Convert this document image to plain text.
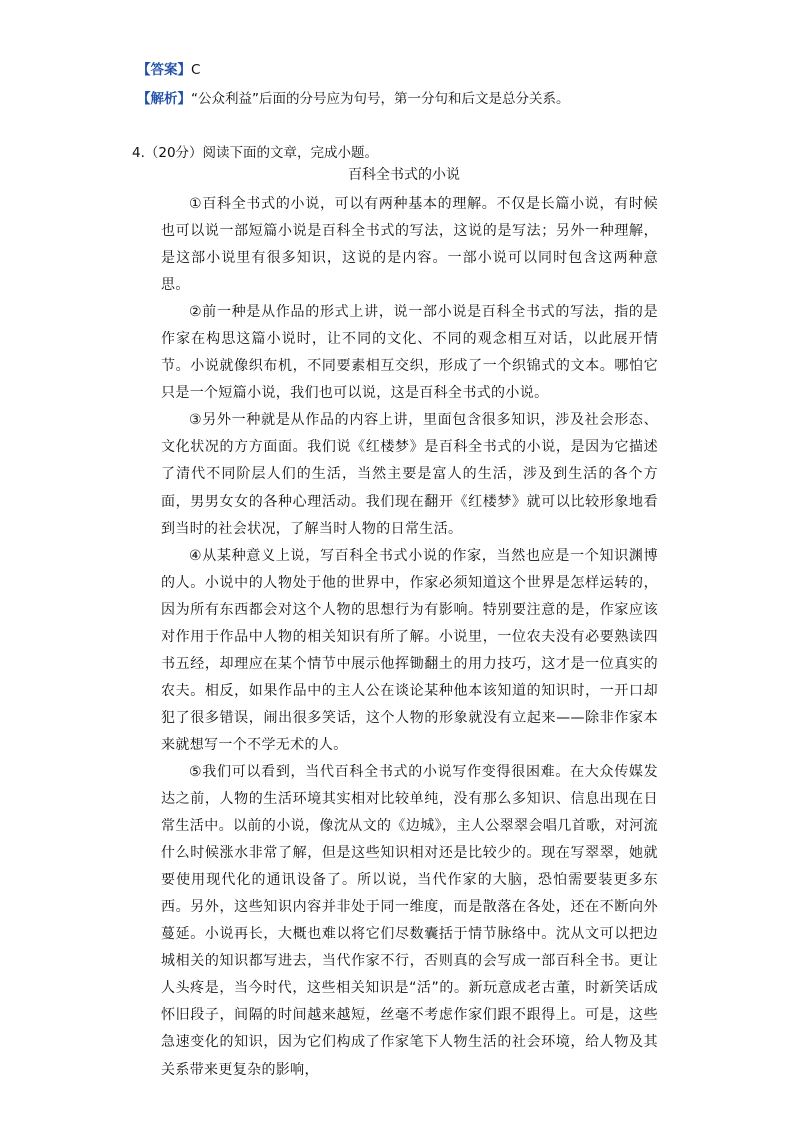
【答案】C
【解析】“公众利益”后面的分号应为句号，第一分句和后文是总分关系。
4.（20分）阅读下面的文章，完成小题。
百科全书式的小说

①百科全书式的小说，可以有两种基本的理解。不仅是长篇小说，有时候也可以说一部短篇小说是百科全书式的写法，这说的是写法；另外一种理解，是这部小说里有很多知识，这说的是内容。一部小说可以同时包含这两种意思。

②前一种是从作品的形式上讲，说一部小说是百科全书式的写法，指的是作家在构思这篇小说时，让不同的文化、不同的观念相互对话，以此展开情节。小说就像织布机，不同要素相互交织，形成了一个织锦式的文本。哪怕它只是一个短篇小说，我们也可以说，这是百科全书式的小说。

③另外一种就是从作品的内容上讲，里面包含很多知识，涉及社会形态、文化状况的方方面面。我们说《红楼梦》是百科全书式的小说，是因为它描述了清代不同阶层人们的生活，当然主要是富人的生活，涉及到生活的各个方面，男男女女的各种心理活动。我们现在翻开《红楼梦》就可以比较形象地看到当时的社会状况，了解当时人物的日常生活。

④从某种意义上说，写百科全书式小说的作家，当然也应是一个知识渊博的人。小说中的人物处于他的世界中，作家必须知道这个世界是怎样运转的，因为所有东西都会对这个人物的思想行为有影响。特别要注意的是，作家应该对作用于作品中人物的相关知识有所了解。小说里，一位农夫没有必要熟读四书五经，却理应在某个情节中展示他挥锄翻土的用力技巧，这才是一位真实的农夫。相反，如果作品中的主人公在谈论某种他本该知道的知识时，一开口却犯了很多错误，闹出很多笑话，这个人物的形象就没有立起来——除非作家本来就想写一个不学无术的人。

⑤我们可以看到，当代百科全书式的小说写作变得很困难。在大众传媒发达之前，人物的生活环境其实相对比较单纯，没有那么多知识、信息出现在日常生活中。以前的小说，像沈从文的《边城》，主人公翠翠会唱几首歌，对河流什么时候涨水非常了解，但是这些知识相对还是比较少的。现在写翠翠，她就要使用现代化的通讯设备了。所以说，当代作家的大脑，恐怕需要装更多东西。另外，这些知识内容并非处于同一维度，而是散落在各处，还在不断向外蔓延。小说再长，大概也难以将它们尽数囊括于情节脉络中。沈从文可以把边城相关的知识都写进去，当代作家不行，否则真的会写成一部百科全书。更让人头疼是，当今时代，这些相关知识是“活”的。新玩意成老古董，时新笑话成怀旧段子，间隔的时间越来越短，丝毫不考虑作家们跟不跟得上。可是，这些急速变化的知识，因为它们构成了作家笔下人物生活的社会环境，给人物及其关系带来更复杂的影响，
